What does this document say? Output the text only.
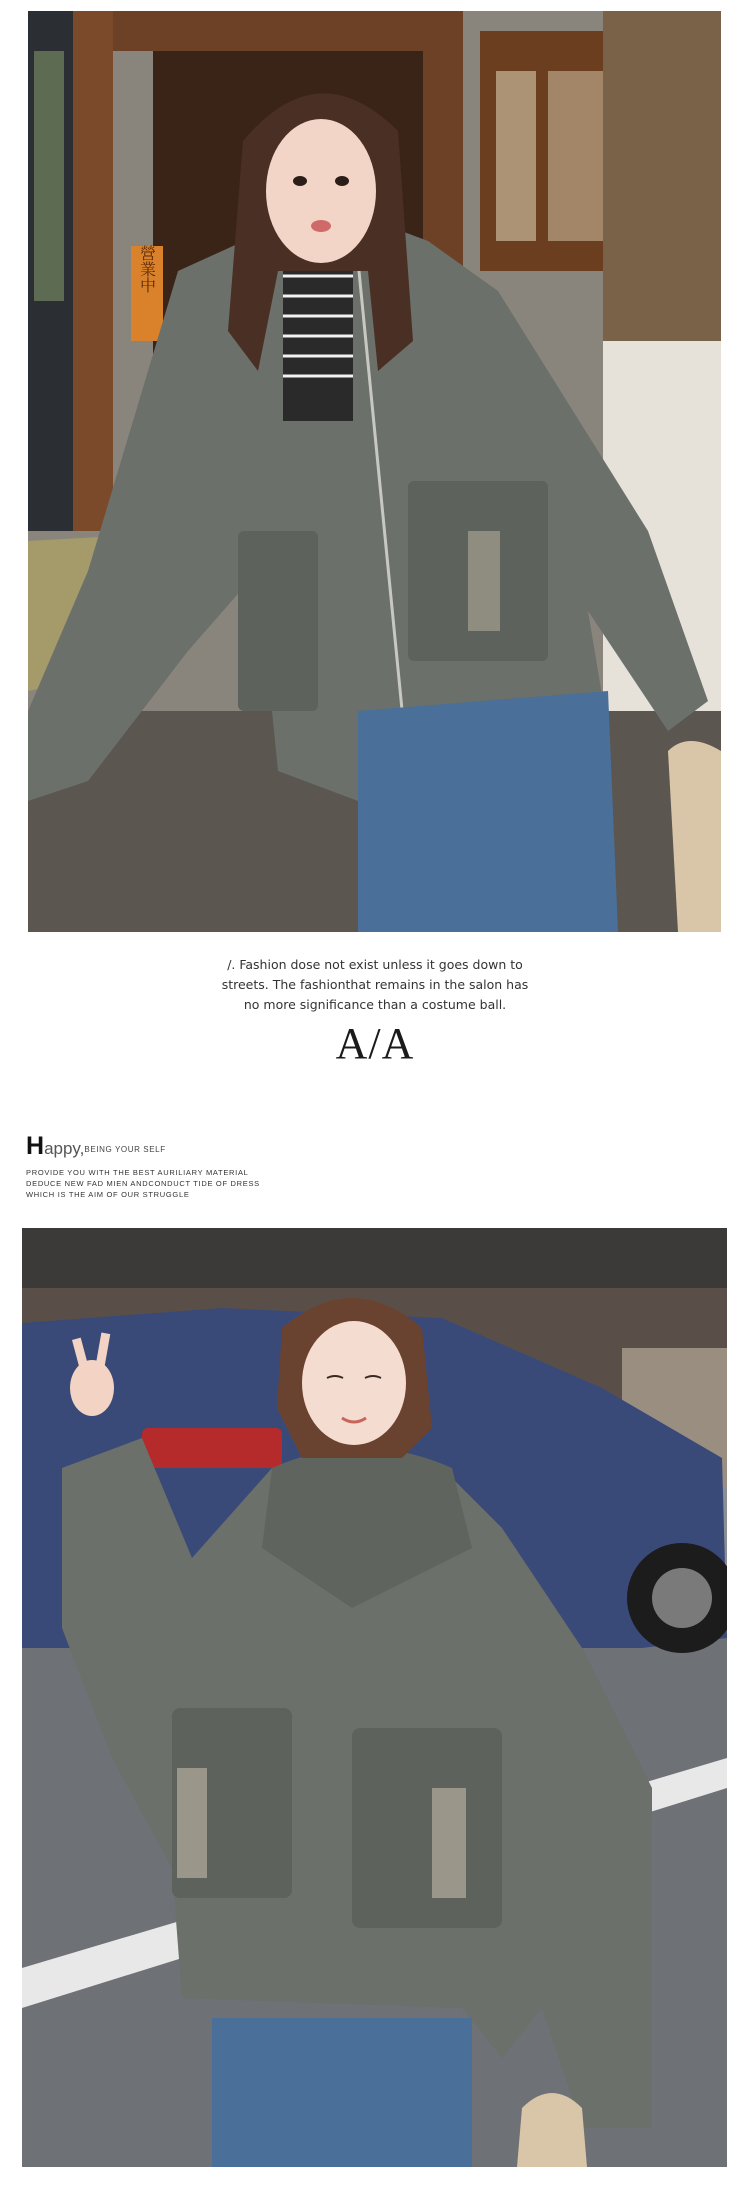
營業中
/. Fashion dose not exist unless it goes down to
streets. The fashionthat remains in the salon has
no more significance than a costume ball.
A/A
Happy,$^{BEING YOUR SELF}$
PROVIDE YOU WITH THE BEST AURILIARY MATERIAL
DEDUCE NEW FAD MIEN ANDCONDUCT TIDE OF DRESS
WHICH IS THE AIM OF OUR STRUGGLE
